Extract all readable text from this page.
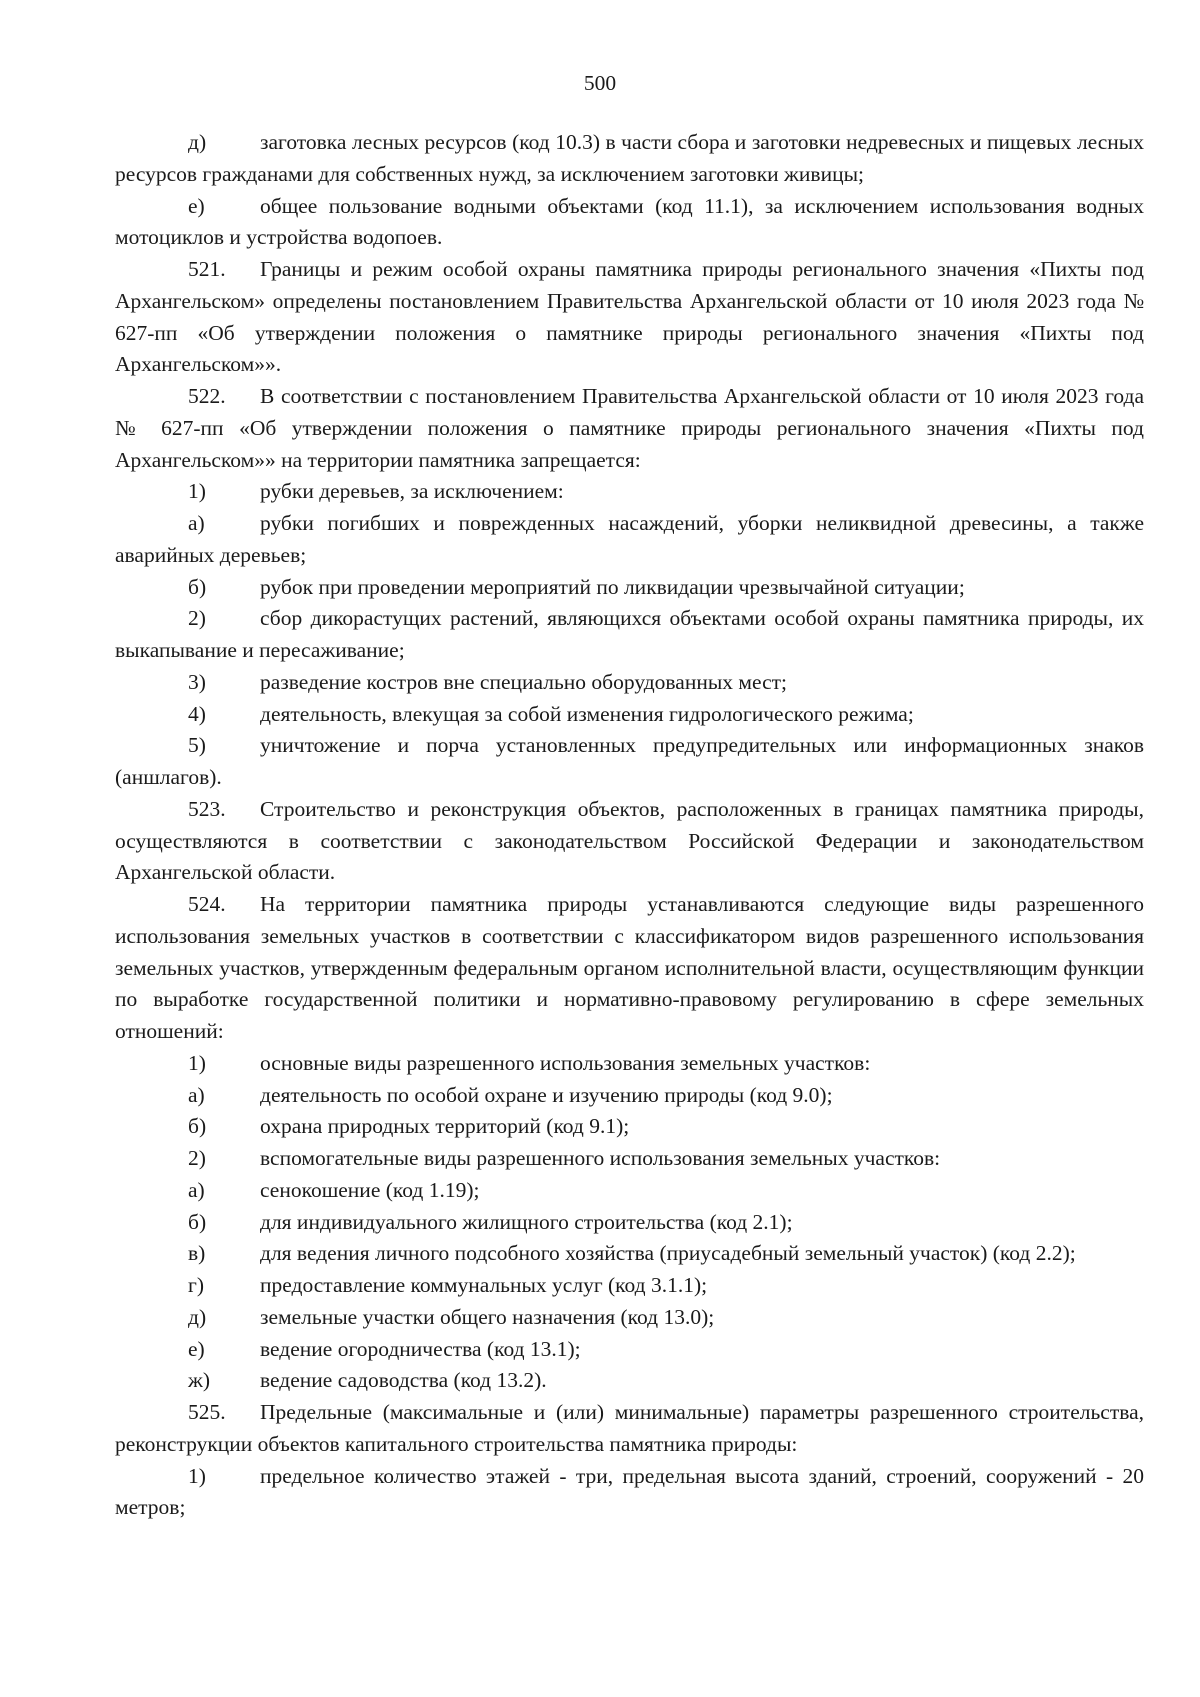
500

д)	заготовка лесных ресурсов (код 10.3) в части сбора и заготовки недревесных и пищевых лесных ресурсов гражданами для собственных нужд, за исключением заготовки живицы;

е)	общее пользование водными объектами (код 11.1), за исключением использования водных мотоциклов и устройства водопоев.

521. Границы и режим особой охраны памятника природы регионального значения «Пихты под Архангельском» определены постановлением Правительства Архангельской области от 10 июля 2023 года № 627-пп «Об утверждении положения о памятнике природы регионального значения «Пихты под Архангельском»».

522. В соответствии с постановлением Правительства Архангельской области от 10 июля 2023 года № 627-пп «Об утверждении положения о памятнике природы регионального значения «Пихты под Архангельском»» на территории памятника запрещается:

1)	рубки деревьев, за исключением:

а)	рубки погибших и поврежденных насаждений, уборки неликвидной древесины, а также аварийных деревьев;

б)	рубок при проведении мероприятий по ликвидации чрезвычайной ситуации;

2)	сбор дикорастущих растений, являющихся объектами особой охраны памятника природы, их выкапывание и пересаживание;

3)	разведение костров вне специально оборудованных мест;

4)	деятельность, влекущая за собой изменения гидрологического режима;

5)	уничтожение и порча установленных предупредительных или информационных знаков (аншлагов).

523. Строительство и реконструкция объектов, расположенных в границах памятника природы, осуществляются в соответствии с законодательством Российской Федерации и законодательством Архангельской области.

524. На территории памятника природы устанавливаются следующие виды разрешенного использования земельных участков в соответствии с классификатором видов разрешенного использования земельных участков, утвержденным федеральным органом исполнительной власти, осуществляющим функции по выработке государственной политики и нормативно-правовому регулированию в сфере земельных отношений:

1)	основные виды разрешенного использования земельных участков:

а)	деятельность по особой охране и изучению природы (код 9.0);

б)	охрана природных территорий (код 9.1);

2)	вспомогательные виды разрешенного использования земельных участков:

а)	сенокошение (код 1.19);

б)	для индивидуального жилищного строительства (код 2.1);

в)	для ведения личного подсобного хозяйства (приусадебный земельный участок) (код 2.2);

г)	предоставление коммунальных услуг (код 3.1.1);

д)	земельные участки общего назначения (код 13.0);

е)	ведение огородничества (код 13.1);

ж) ведение садоводства (код 13.2).

525. Предельные (максимальные и (или) минимальные) параметры разрешенного строительства, реконструкции объектов капитального строительства памятника природы:

1)	предельное количество этажей - три, предельная высота зданий, строений, сооружений - 20 метров;
